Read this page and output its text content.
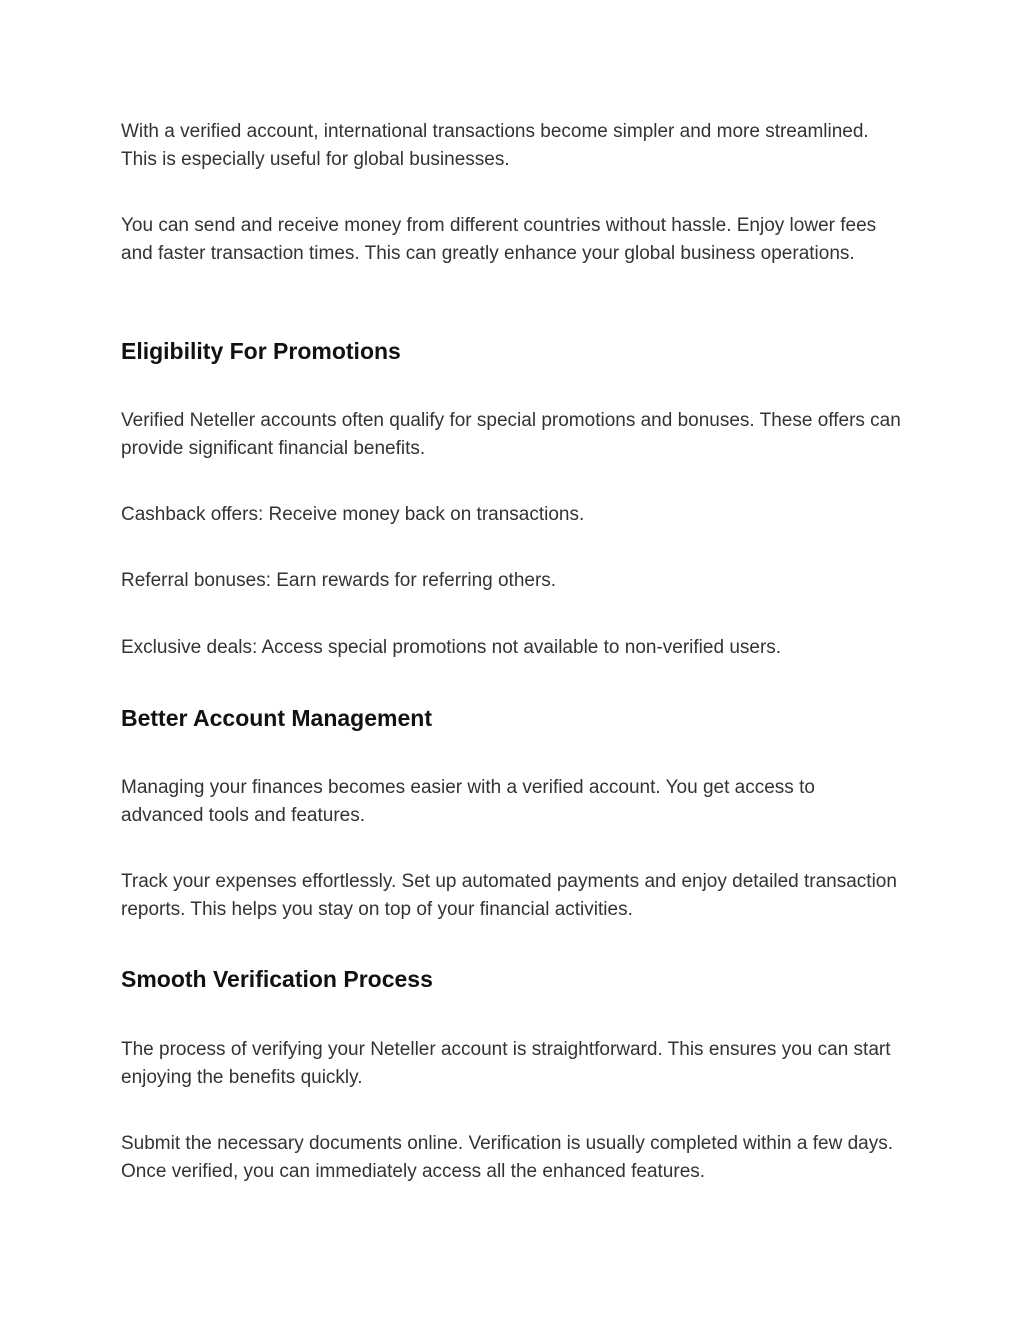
With a verified account, international transactions become simpler and more streamlined. This is especially useful for global businesses.

You can send and receive money from different countries without hassle. Enjoy lower fees and faster transaction times. This can greatly enhance your global business operations.

Eligibility For Promotions

Verified Neteller accounts often qualify for special promotions and bonuses. These offers can provide significant financial benefits.

Cashback offers: Receive money back on transactions.

Referral bonuses: Earn rewards for referring others.

Exclusive deals: Access special promotions not available to non-verified users.

Better Account Management

Managing your finances becomes easier with a verified account. You get access to advanced tools and features.

Track your expenses effortlessly. Set up automated payments and enjoy detailed transaction reports. This helps you stay on top of your financial activities.

Smooth Verification Process

The process of verifying your Neteller account is straightforward. This ensures you can start enjoying the benefits quickly.

Submit the necessary documents online. Verification is usually completed within a few days. Once verified, you can immediately access all the enhanced features.
